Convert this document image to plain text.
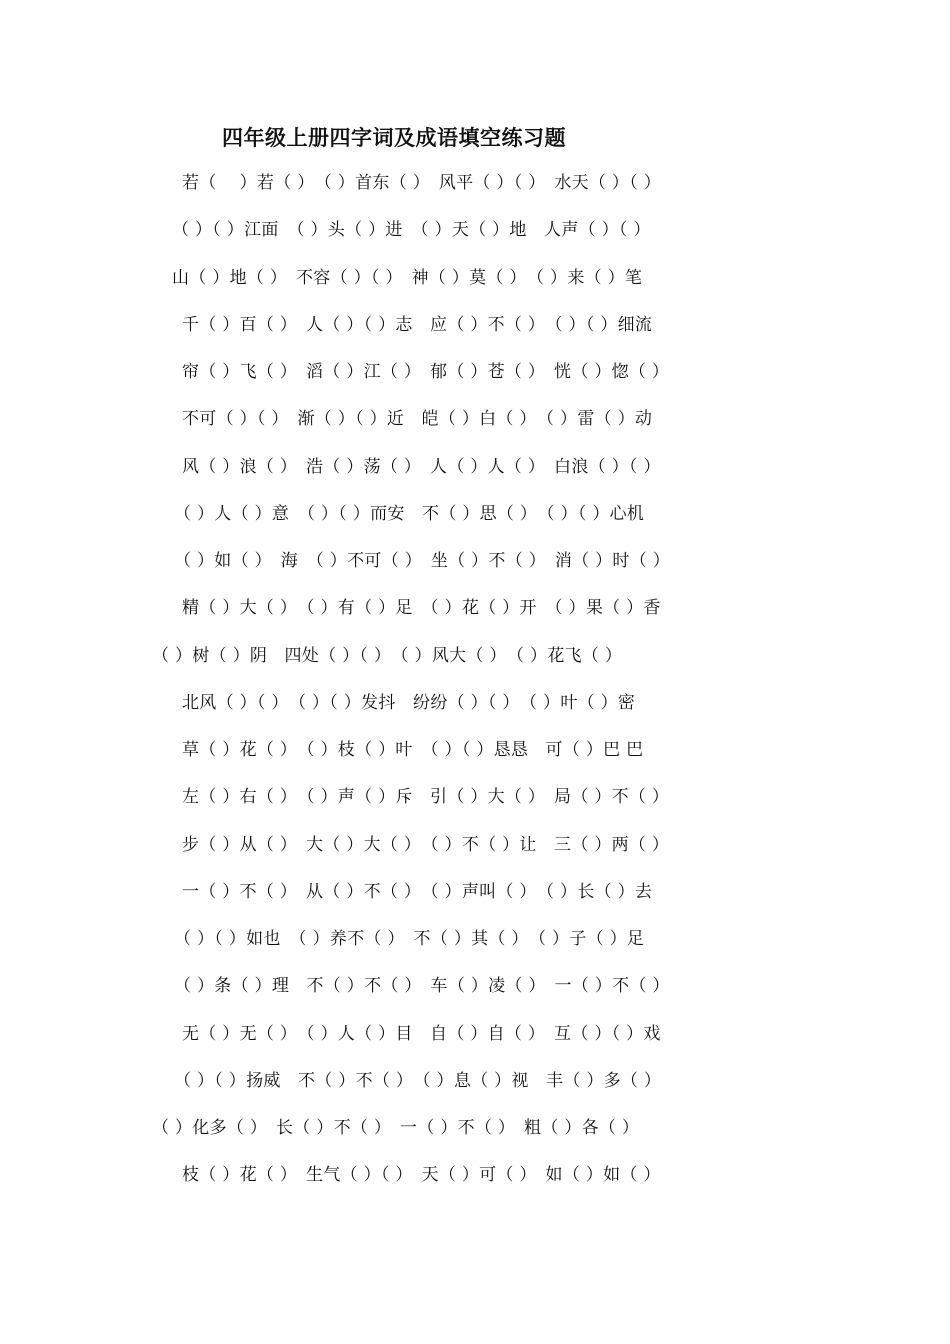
四年级上册四字词及成语填空练习题
若（　 ）若（ ）　（ ）首东（ ）　风平（ ）（ ）　水天（ ）（ ）
（ ）（ ）江面　（ ）头（ ）进　（ ）天（ ）地　人声（ ）（ ）
山（ ）地（ ）　不容（ ）（ ）　神（ ）莫（ ）　（ ）来（ ）笔
千（ ）百（ ）　人（ ）（ ）志　应（ ）不（ ）　（ ）（ ）细流
帘（ ）飞（ ）　滔（ ）江（ ）　郁（ ）苍（ ）　恍（ ）惚（ ）
不可（ ）（ ）　渐（ ）（ ）近　皑（ ）白（ ）　（ ）雷（ ）动
风（ ）浪（ ）　浩（ ）荡（ ）　人（ ）人（ ）　白浪（ ）（ ）
（ ）人（ ）意　（ ）（ ）而安　不（ ）思（ ）　（ ）（ ）心机
（ ）如（ ）　海　（ ）不可（ ）　坐（ ）不（ ）　消（ ）时（ ）
精（ ）大（ ）　（ ）有（ ）足　（ ）花（ ）开　（ ）果（ ）香
（ ）树（ ）阴　四处（ ）（ ）　（ ）风大（ ）　（ ）花飞（ ）
北风（ ）（ ）　（ ）（ ）发抖　纷纷（ ）（ ）　（ ）叶（ ）密
草（ ）花（ ）　（ ）枝（ ）叶　（ ）（ ）恳恳　可（ ）巴 巴
左（ ）右（ ）　（ ）声（ ）斥　引（ ）大（ ）　局（ ）不（ ）
步（ ）从（ ）　大（ ）大（ ）　（ ）不（ ）让　三（ ）两（ ）
一（ ）不（ ）　从（ ）不（ ）　（ ）声叫（ ）　（ ）长（ ）去
（ ）（ ）如也　（ ）养不（ ）　不（ ）其（ ）　（ ）子（ ）足
（ ）条（ ）理　不（ ）不（ ）　车（ ）凌（ ）　一（ ）不（ ）
无（ ）无（ ）　（ ）人（ ）目　自（ ）自（ ）　互（ ）（ ）戏
（ ）（ ）扬威　不（ ）不（ ）　（ ）息（ ）视　丰（ ）多（ ）
（ ）化多（ ）　长（ ）不（ ）　一（ ）不（ ）　粗（ ）各（ ）
枝（ ）花（ ）　生气（ ）（ ）　天（ ）可（ ）　如（ ）如（ ）
